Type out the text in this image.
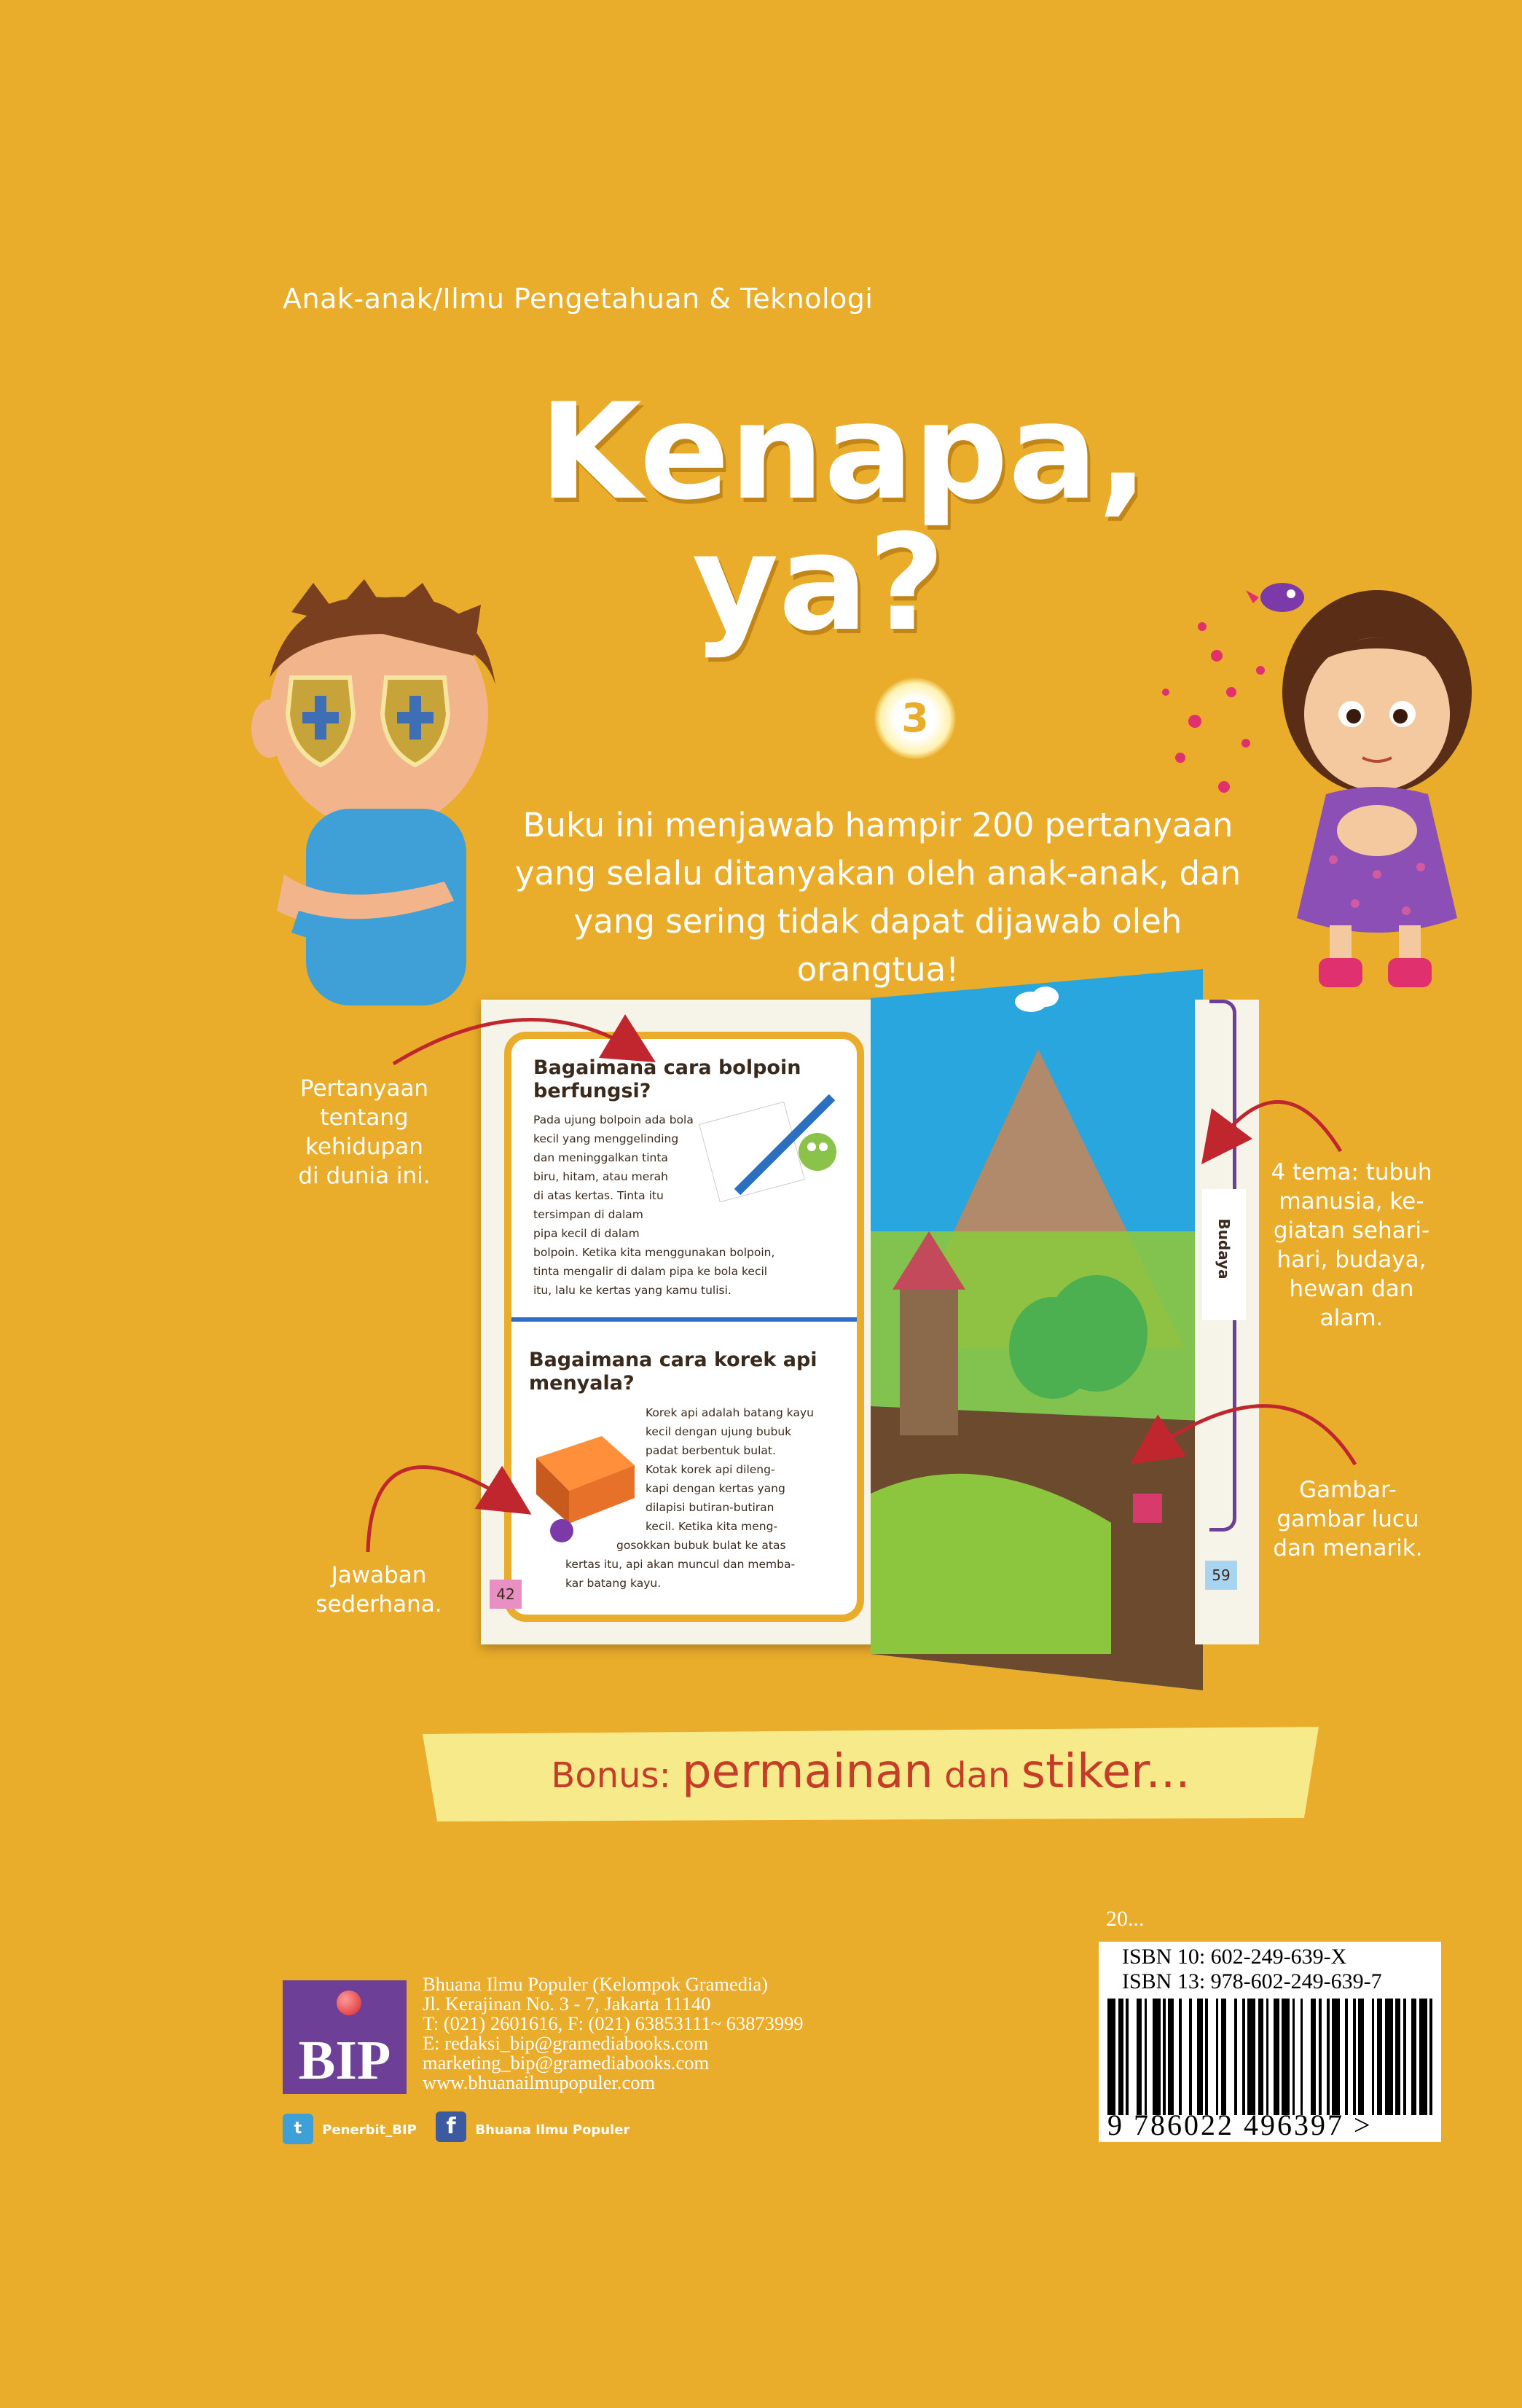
Anak-anak/Ilmu Pengetahuan & Teknologi
Kenapa,
ya?
3
Buku ini menjawab hampir 200 pertanyaan
yang selalu ditanyakan oleh anak-anak, dan
yang sering tidak dapat dijawab oleh orangtua!
Bagaimana cara bolpoin
berfungsi?
Pada ujung bolpoin ada bola
kecil yang menggelinding
dan meninggalkan tinta
biru, hitam, atau merah
di atas kertas. Tinta itu
tersimpan di dalam
pipa kecil di dalam
bolpoin. Ketika kita menggunakan bolpoin,
tinta mengalir di dalam pipa ke bola kecil
itu, lalu ke kertas yang kamu tulisi.
Bagaimana cara korek api
menyala?
Korek api adalah batang kayu
kecil dengan ujung bubuk
padat berbentuk bulat.
Kotak korek api dileng-
kapi dengan kertas yang
dilapisi butiran-butiran
kecil. Ketika kita meng-
gosokkan bubuk bulat ke atas
kertas itu, api akan muncul dan memba-
kar batang kayu.
42
Budaya
59
Pertanyaan
tentang
kehidupan
di dunia ini.
Jawaban
sederhana.
4 tema: tubuh
manusia, ke-
giatan sehari-
hari, budaya,
hewan dan alam.
Gambar-
gambar lucu
dan menarik.
Bonus: permainan dan stiker...
BIP
Bhuana Ilmu Populer (Kelompok Gramedia)
Jl. Kerajinan No. 3 - 7, Jakarta 11140
T: (021) 2601616, F: (021) 63853111~ 63873999
E: redaksi_bip@gramediabooks.com
marketing_bip@gramediabooks.com
www.bhuanailmupopuler.com
t Penerbit_BIP f Bhuana Ilmu Populer
20...
ISBN 10: 602-249-639-X
ISBN 13: 978-602-249-639-7
9 786022 496397 >
